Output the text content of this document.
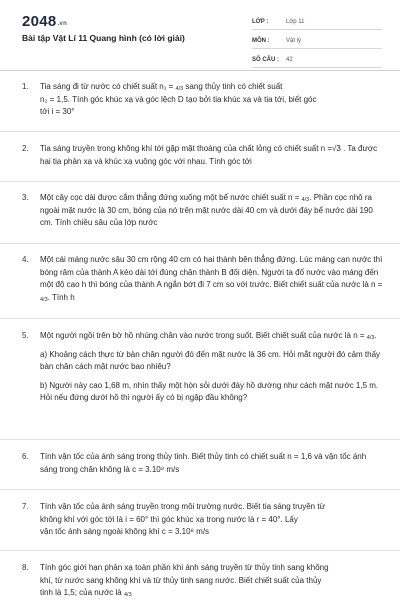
2048.vn
Bài tập Vật Lí 11 Quang hình (có lời giải)
LỚP :	Lớp 11
MÔN :	Vật lý
SỐ CÂU :	42
1. Tia sáng đi từ nước có chiết suất n₁ = 4/3 sang thủy tinh có chiết suất

n₂ = 1,5. Tính góc khúc xạ và góc lệch D tạo bởi tia khúc xạ và tia tới, biết góc

tới i = 30°

2. Tia sáng truyền trong không khí tới gặp mặt thoáng của chất lỏng có chiết suất n =√3 . Ta được hai tia phản xạ và khúc xạ vuông góc với nhau. Tính góc tới
3. Một cây cọc dài được cắm thẳng đứng xuống một bể nước chiết suất n = 4/3. Phần cọc nhô ra ngoài mặt nước là 30 cm, bóng của nó trên mặt nước dài 40 cm và dưới đáy bể nước dài 190 cm. Tính chiều sâu của lớp nước
4. Một cái máng nước sâu 30 cm rộng 40 cm có hai thành bên thẳng đứng. Lúc máng cạn nước thì bóng râm của thành A kéo dài tới đúng chân thành B đối diện. Người ta đổ nước vào máng đến một độ cao h thì bóng của thành A ngắn bớt đi 7 cm so với trước. Biết chiết suất của nước là n = 4/3. Tính h
5. Một người ngồi trên bờ hồ nhúng chân vào nước trong suốt. Biết chiết suất của nước là n = 4/3.

a) Khoảng cách thực từ bàn chân người đó đến mặt nước là 36 cm. Hỏi mắt người đó cảm thấy bàn chân cách mặt nước bao nhiêu?

b) Người này cao 1,68 m, nhìn thấy một hòn sỏi dưới đáy hồ dường như cách mặt nước 1,5 m. Hỏi nếu đứng dưới hồ thì người ấy có bị ngập đầu không?

6. Tính vận tốc của ánh sáng trong thủy tinh. Biết thủy tinh có chiết suất n = 1,6 và vận tốc ánh sáng trong chân không là c = 3.10⁸ m/s
7. Tính vận tốc của ánh sáng truyền trong môi trường nước. Biết tia sáng truyền từ

không khí với góc tới là i = 60° thì góc khúc xạ trong nước là r = 40°. Lấy

vận tốc ánh sáng ngoài không khí c = 3.10⁸ m/s

8. Tính góc giới hạn phản xạ toàn phần khi ánh sáng truyền từ thủy tinh sang không

khí, từ nước sang không khí và từ thủy tinh sang nước. Biết chiết suất của thủy

tinh là 1,5; của nước là 4/3
